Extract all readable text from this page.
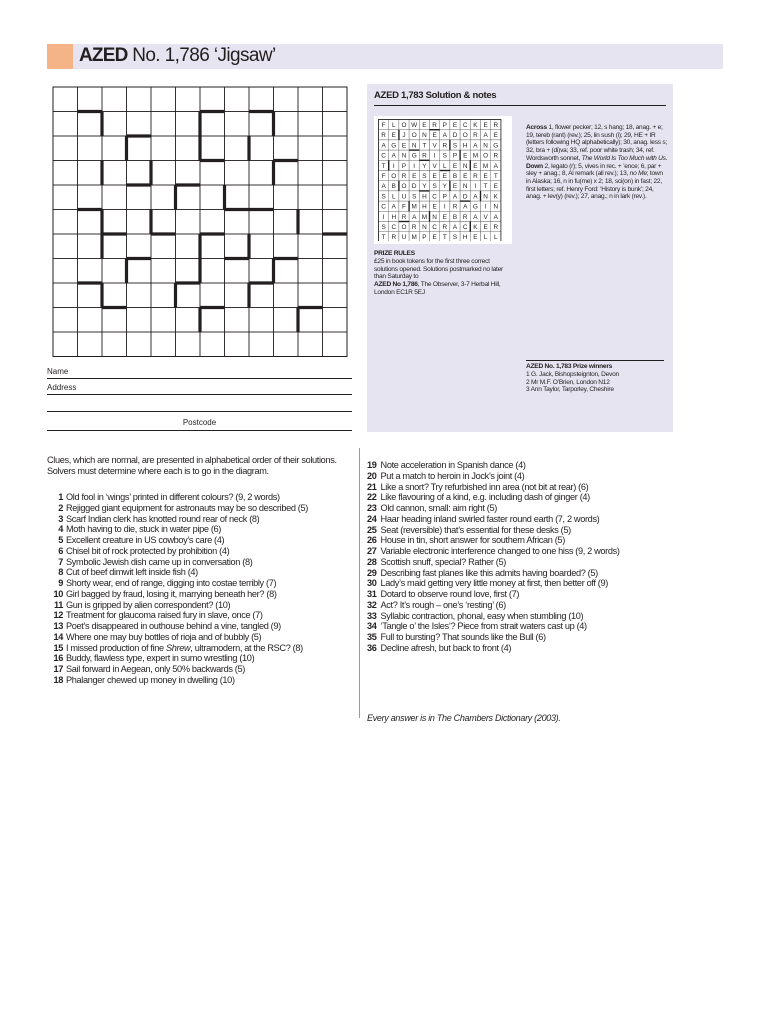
AZED No. 1,786 ‘Jigsaw’
Name
Address
Postcode
AZED 1,783 Solution & notes
F L O W E R P E C K E R
R E J O N E A D O R A E
A G E N T V R S H A N G
C A N G R I S P E M O R
T I P I Y V L E N E M A
F O R E S E E B E R E T
A B O D Y S Y E N I T E
S L U S H C P A D A N K
C A F M H E I R A G I N
I H R A M N E B R A V A
S C O R N C R A C K E R
T R U M P E T S H E L L

Across 1, flower pecker; 12, s hang; 18, anag. + e; 19, tereb (rant) (rev.); 25, lin sush (i); 29, HE + IR (letters following HQ alphabetically); 30, anag. less s; 32, bra + (di)va; 33, ref. poor white trash; 34, ref. Wordsworth sonnet, The World Is Too Much with Us.

Down 2, legato (r); 5, vives in rec. + ’ence; 6, par + sley + anag.; 8, Al remark (all rev.); 13, no Me; town in Alaska; 16, n in fu(me) x 2; 18, sci(on) in fast; 22, first letters; ref. Henry Ford: ‘History is bunk’; 24, anag. + lev(y) (rev.); 27, anag.; n in lark (rev.).

PRIZE RULES
£25 in book tokens for the first three correct solutions opened. Solutions postmarked no later than Saturday to
AZED No 1,786, The Observer, 3-7 Herbal Hill, London EC1R 5EJ
AZED No. 1,783 Prize winners
1 G. Jack, Bishopsteignton, Devon
2 Mr M.F. O’Brien, London N12
3 Ann Taylor, Tarporley, Cheshire
Clues, which are normal, are presented in alphabetical order of their solutions. Solvers must determine where each is to go in the diagram.
1 Old fool in ‘wings’ printed in different colours? (9, 2 words)
2 Rejigged giant equipment for astronauts may be so described (5)
3 Scarf Indian clerk has knotted round rear of neck (8)
4 Moth having to die, stuck in water pipe (6)
5 Excellent creature in US cowboy’s care (4)
6 Chisel bit of rock protected by prohibition (4)
7 Symbolic Jewish dish came up in conversation (8)
8 Cut of beef dimwit left inside fish (4)
9 Shorty wear, end of range, digging into costae terribly (7)
10 Girl bagged by fraud, losing it, marrying beneath her? (8)
11 Gun is gripped by alien correspondent? (10)
12 Treatment for glaucoma raised fury in slave, once (7)
13 Poet’s disappeared in outhouse behind a vine, tangled (9)
14 Where one may buy bottles of rioja and of bubbly (5)
15 I missed production of fine Shrew, ultramodern, at the RSC? (8)
16 Buddy, flawless type, expert in sumo wrestling (10)
17 Sail forward in Aegean, only 50% backwards (5)
18 Phalanger chewed up money in dwelling (10)
19 Note acceleration in Spanish dance (4)
20 Put a match to heroin in Jock’s joint (4)
21 Like a snort? Try refurbished inn area (not bit at rear) (6)
22 Like flavouring of a kind, e.g. including dash of ginger (4)
23 Old cannon, small: aim right (5)
24 Haar heading inland swirled faster round earth (7, 2 words)
25 Seat (reversible) that’s essential for these desks (5)
26 House in tin, short answer for southern African (5)
27 Variable electronic interference changed to one hiss (9, 2 words)
28 Scottish snuff, special? Rather (5)
29 Describing fast planes like this admits having boarded? (5)
30 Lady’s maid getting very little money at first, then better off (9)
31 Dotard to observe round love, first (7)
32 Act? It’s rough – one’s ‘resting’ (6)
33 Syllabic contraction, phonal, easy when stumbling (10)
34 ‘Tangle o’ the Isles’? Piece from strait waters cast up (4)
35 Full to bursting? That sounds like the Bull (6)
36 Decline afresh, but back to front (4)
Every answer is in The Chambers Dictionary (2003).
